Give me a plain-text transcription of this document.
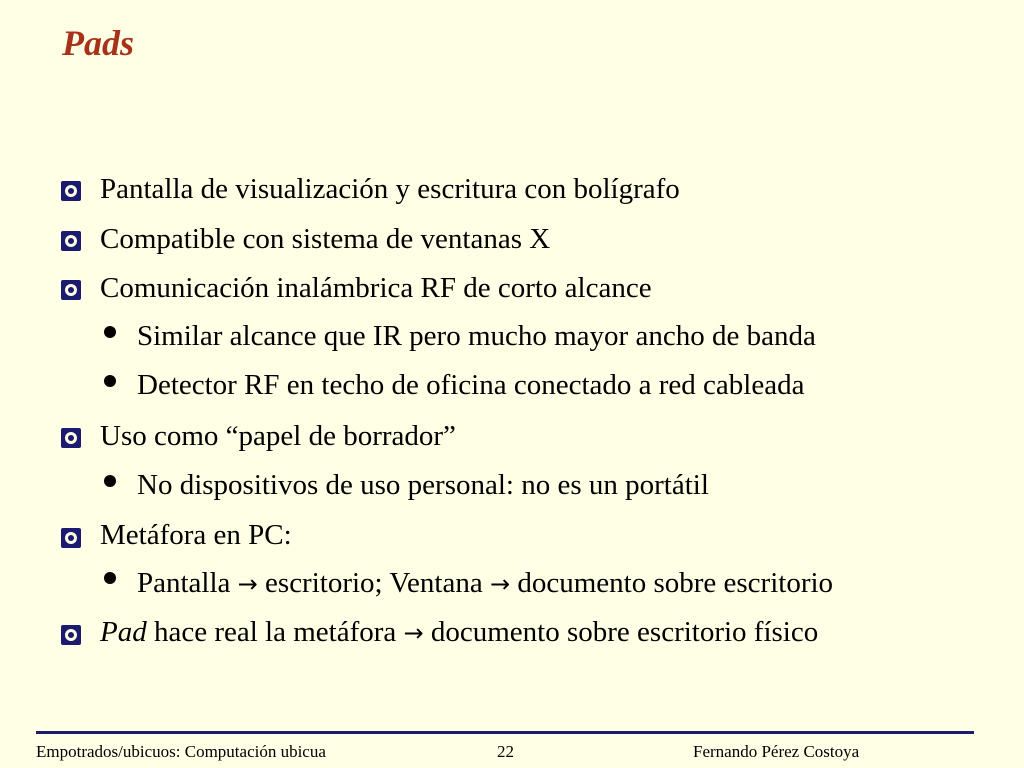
Pads
Pantalla de visualización y escritura con bolígrafo
Compatible con sistema de ventanas X
Comunicación inalámbrica RF de corto alcance
Similar alcance que IR pero mucho mayor ancho de banda
Detector RF en techo de oficina conectado a red cableada
Uso como “papel de borrador”
No dispositivos de uso personal: no es un portátil
Metáfora en PC:
Pantalla → escritorio; Ventana → documento sobre escritorio
Pad hace real la metáfora → documento sobre escritorio físico
Empotrados/ubicuos: Computación ubicua	22	Fernando Pérez Costoya
